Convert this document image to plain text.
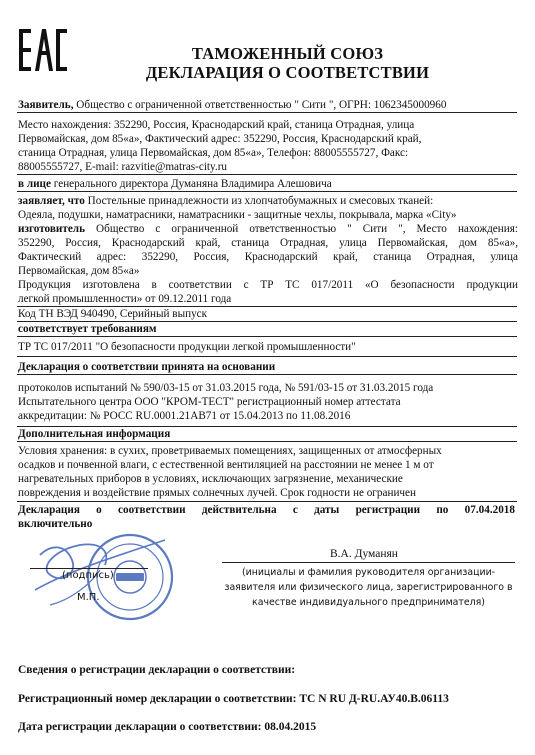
ТАМОЖЕННЫЙ СОЮЗ
ДЕКЛАРАЦИЯ О СООТВЕТСТВИИ
Заявитель, Общество с ограниченной ответственностью " Сити ", ОГРН: 1062345000960
Место нахождения: 352290, Россия, Краснодарский край, станица Отрадная, улица
Первомайская, дом 85«а», Фактический адрес: 352290, Россия, Краснодарский край,
станица Отрадная, улица Первомайская, дом 85«а», Телефон: 88005555727, Факс:
88005555727, E-mail: razvitie@matras-city.ru
в лице генерального директора Думаняна Владимира Алешовича
заявляет, что Постельные принадлежности из хлопчатобумажных и смесовых тканей:
Одеяла, подушки, наматрасники, наматрасники - защитные чехлы, покрывала, марка «City»
изготовитель Общество с ограниченной ответственностью " Сити ", Место нахождения:
352290, Россия, Краснодарский край, станица Отрадная, улица Первомайская, дом 85«а»,
Фактический адрес: 352290, Россия, Краснодарский край, станица Отрадная, улица
Первомайская, дом 85«а»
Продукция изготовлена в соответствии с ТР ТС 017/2011 «О безопасности продукции
легкой промышленности» от 09.12.2011 года
Код ТН ВЭД 940490, Серийный выпуск
соответствует требованиям
ТР ТС 017/2011 "О безопасности продукции легкой промышленности"
Декларация о соответствии принята на основании
протоколов испытаний № 590/03-15 от 31.03.2015 года, № 591/03-15 от 31.03.2015 года
Испытательного центра ООО "КРОМ-ТЕСТ" регистрационный номер аттестата
аккредитации: № РОСС RU.0001.21АВ71 от 15.04.2013 по 11.08.2016
Дополнительная информация
Условия хранения: в сухих, проветриваемых помещениях, защищенных от атмосферных
осадков и почвенной влаги, с естественной вентиляцией на расстоянии не менее 1 м от
нагревательных приборов в условиях, исключающих загрязнение, механические
повреждения и воздействие прямых солнечных лучей. Срок годности не ограничен
Декларация о соответствии действительна с даты регистрации по 07.04.2018
включительно
(подпись)
М.П.
В.А. Думанян
(инициалы и фамилия руководителя организации-
заявителя или физического лица, зарегистрированного в
качестве индивидуального предпринимателя)
Сведения о регистрации декларации о соответствии:
Регистрационный номер декларации о соответствии: ТС N RU Д-RU.АУ40.В.06113
Дата регистрации декларации о соответствии: 08.04.2015
